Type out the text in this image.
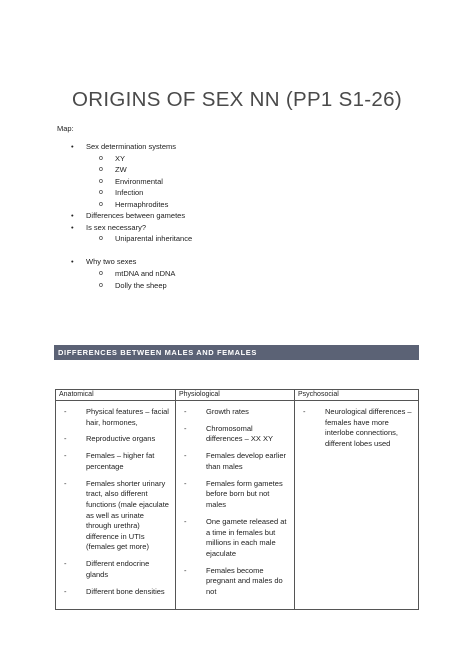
ORIGINS OF SEX NN (PP1 S1-26)
Map:
• Sex determination systems
o XY
o ZW
o Environmental
o Infection
o Hermaphrodites
• Differences between gametes
• Is sex necessary?
o Uniparental inheritance
• Why two sexes
o mtDNA and nDNA
o Dolly the sheep
DIFFERENCES BETWEEN MALES AND FEMALES
Anatomical
-	Physical features – facial hair, hormones,
-	Reproductive organs
-	Females – higher fat percentage
-	Females shorter urinary tract, also different functions (male ejaculate as well as urinate through urethra) difference in UTIs (females get more)
-	Different endocrine glands
-	Different bone densities
Physiological
-	Growth rates
-	Chromosomal differences – XX XY
-	Females develop earlier than males
-	Females form gametes before born but not males
-	One gamete released at a time in females but millions in each male ejaculate
-	Females become pregnant and males do not
Psychosocial
-	Neurological differences – females have more interlobe connections, different lobes used
